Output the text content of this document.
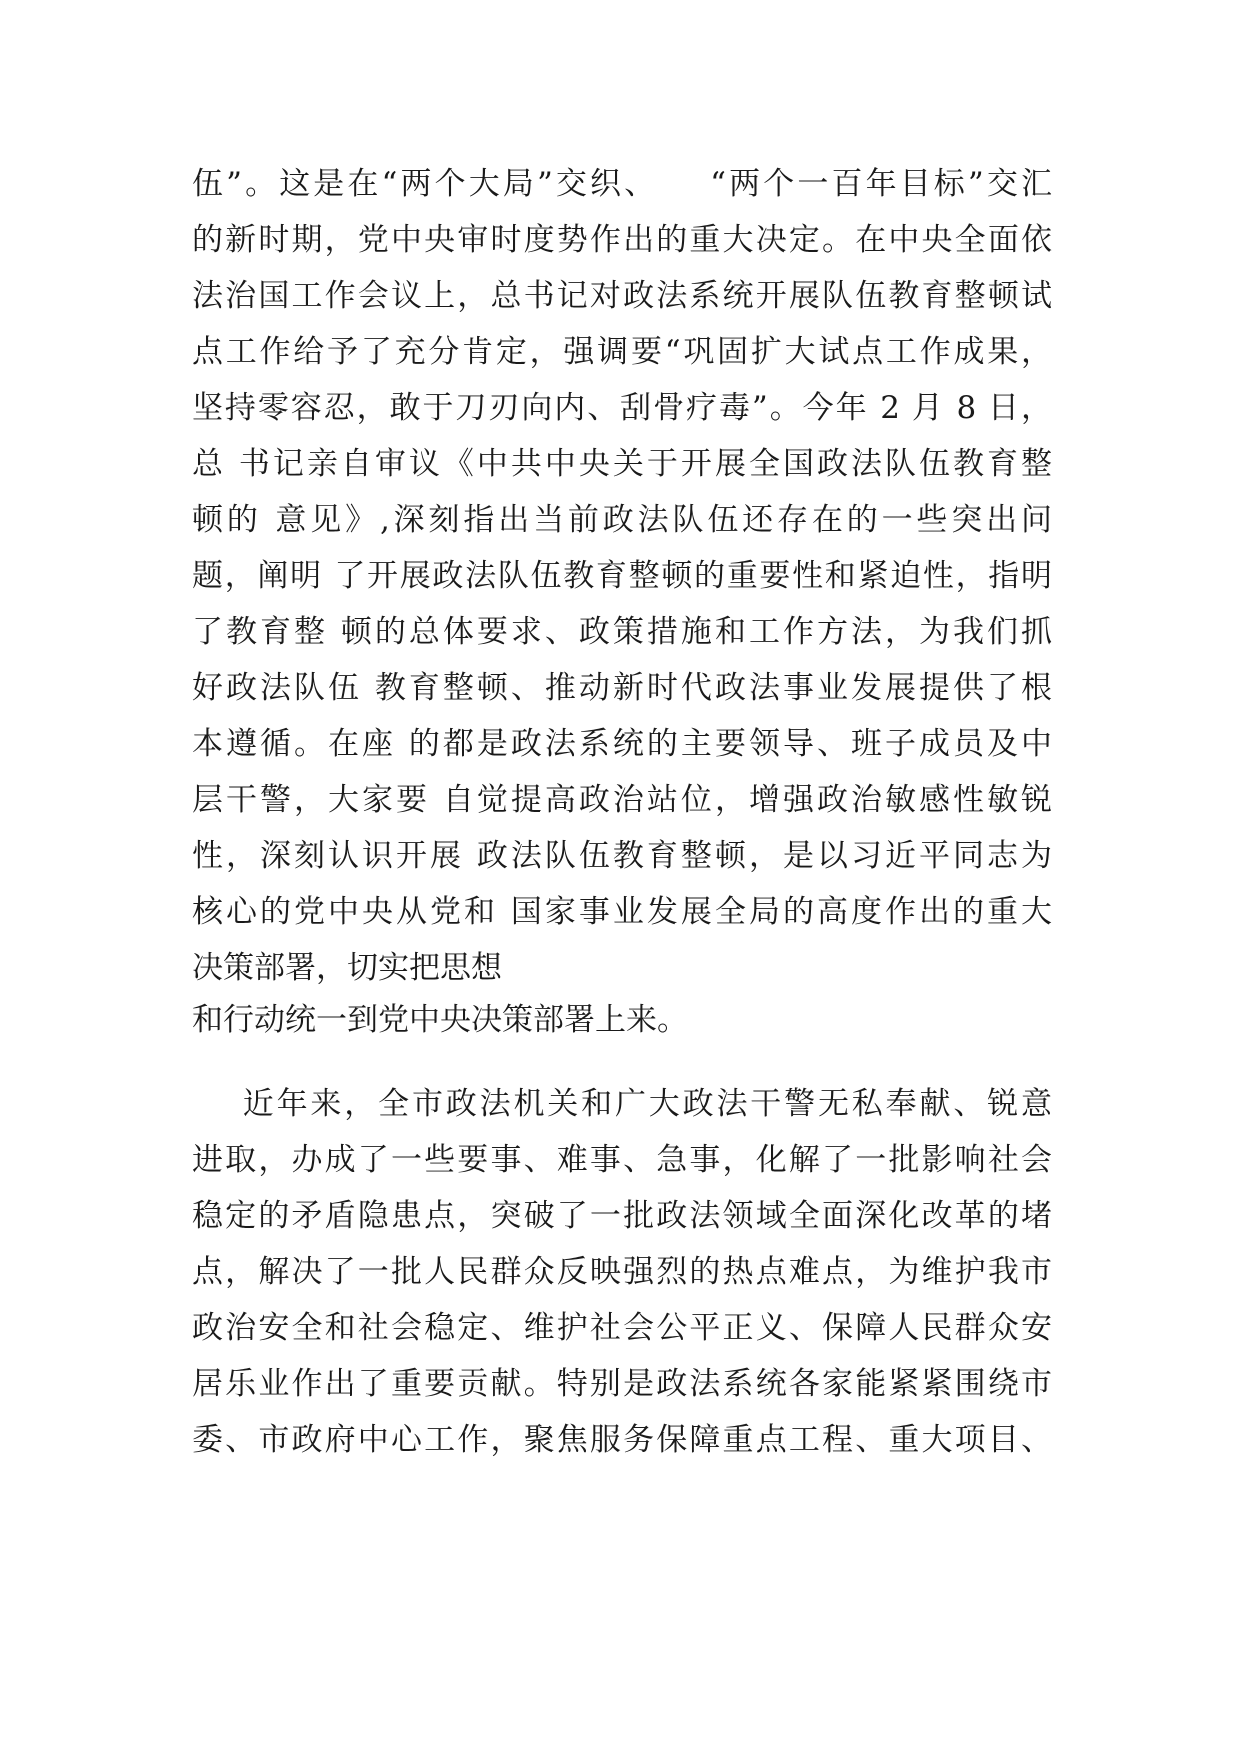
伍”。这是在“两个大局”交织、    “两个一百年目标”交汇
的新时期，党中央审时度势作出的重大决定。在中央全面依
法治国工作会议上，总书记对政法系统开展队伍教育整顿试
点工作给予了充分肯定，强调要“巩固扩大试点工作成果，
坚持零容忍，敢于刀刃向内、刮骨疗毒”。今年 2 月 8 日，
总 书记亲自审议《中共中央关于开展全国政法队伍教育整
顿的 意见》,深刻指出当前政法队伍还存在的一些突出问
题，阐明 了开展政法队伍教育整顿的重要性和紧迫性，指明
了教育整 顿的总体要求、政策措施和工作方法，为我们抓
好政法队伍 教育整顿、推动新时代政法事业发展提供了根
本遵循。在座 的都是政法系统的主要领导、班子成员及中
层干警，大家要 自觉提高政治站位，增强政治敏感性敏锐
性，深刻认识开展 政法队伍教育整顿，是以习近平同志为
核心的党中央从党和 国家事业发展全局的高度作出的重大
决策部署，切实把思想
和行动统一到党中央决策部署上来。
近年来，全市政法机关和广大政法干警无私奉献、锐意
进取，办成了一些要事、难事、急事，化解了一批影响社会
稳定的矛盾隐患点，突破了一批政法领域全面深化改革的堵
点，解决了一批人民群众反映强烈的热点难点，为维护我市
政治安全和社会稳定、维护社会公平正义、保障人民群众安
居乐业作出了重要贡献。特别是政法系统各家能紧紧围绕市
委、市政府中心工作，聚焦服务保障重点工程、重大项目、
